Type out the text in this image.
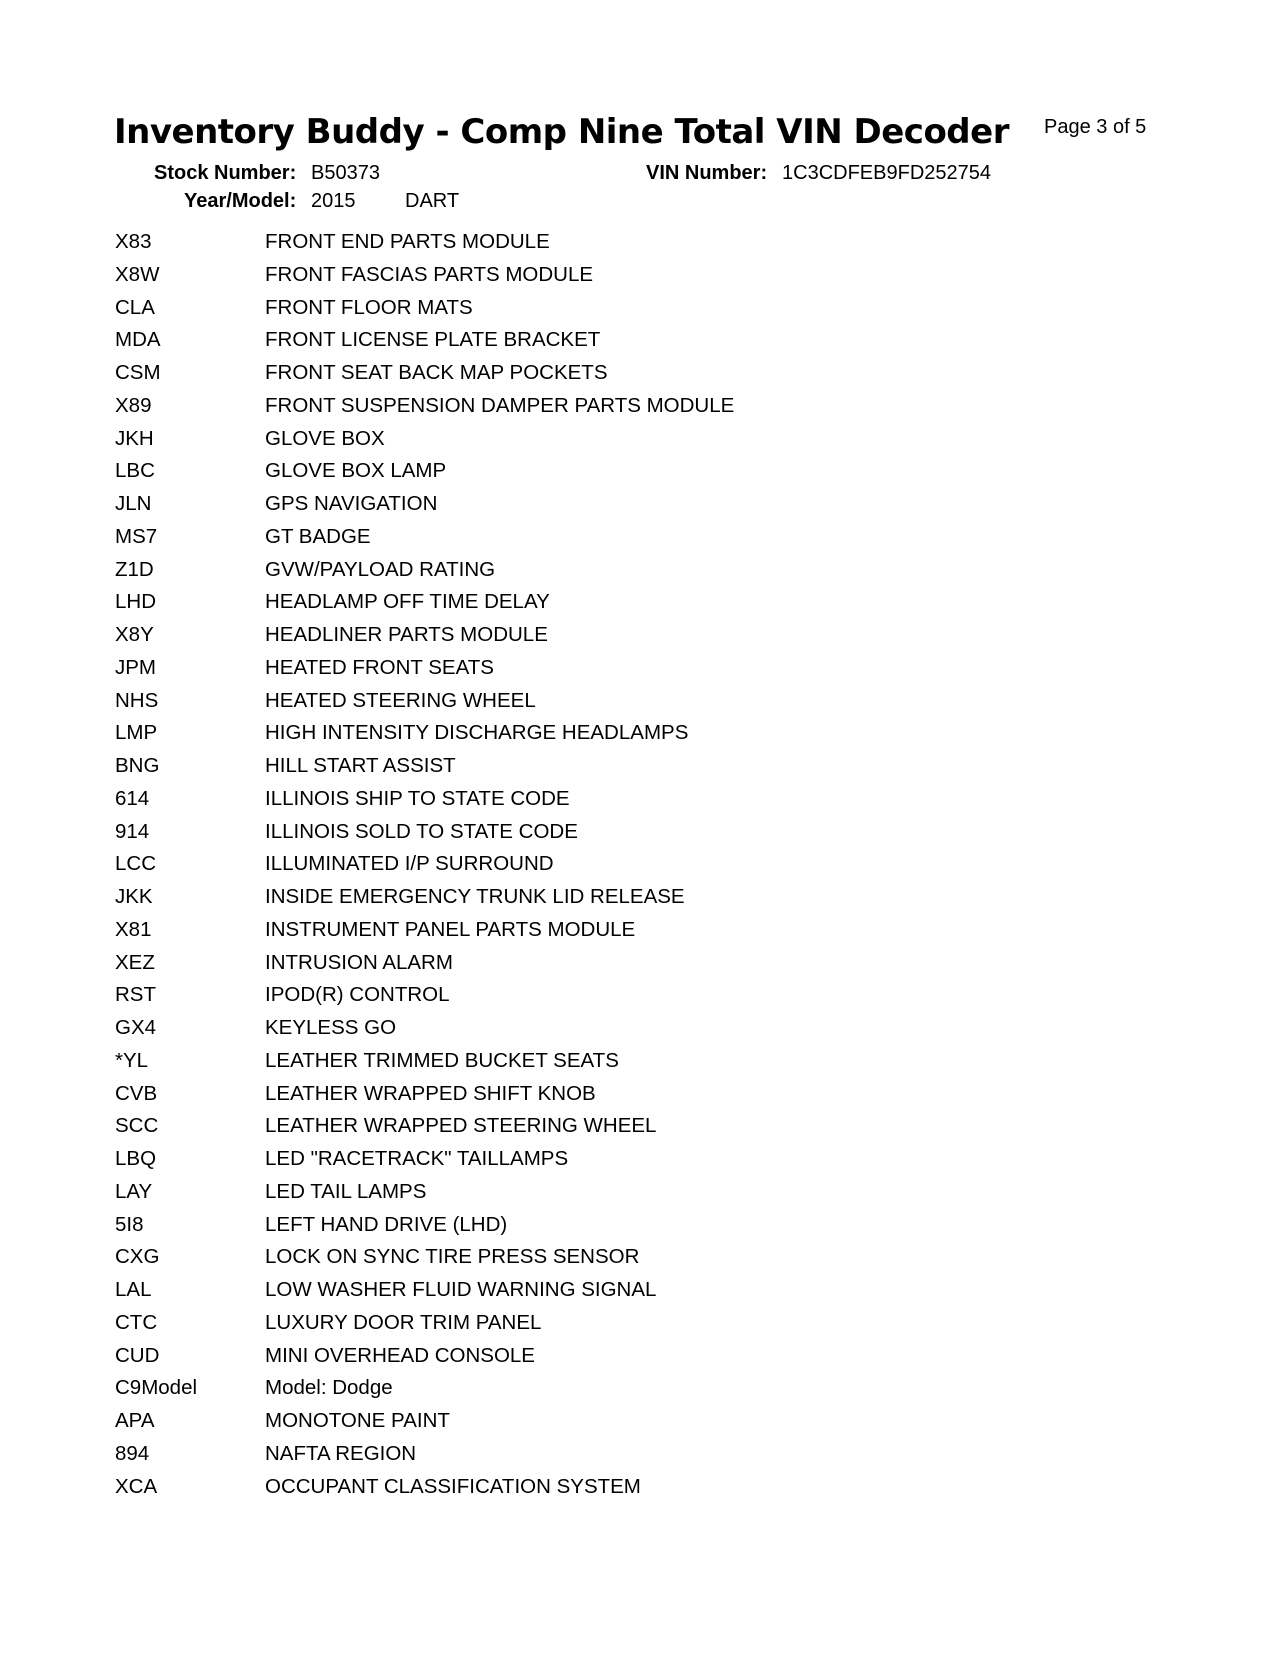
Inventory Buddy - Comp Nine Total VIN Decoder Page 3 of 5
Stock Number: B50373
Year/Model: 2015 DART
VIN Number: 1C3CDFEB9FD252754
X83	FRONT END PARTS MODULE
X8W	FRONT FASCIAS PARTS MODULE
CLA	FRONT FLOOR MATS
MDA	FRONT LICENSE PLATE BRACKET
CSM	FRONT SEAT BACK MAP POCKETS
X89	FRONT SUSPENSION DAMPER PARTS MODULE
JKH	GLOVE BOX
LBC	GLOVE BOX LAMP
JLN	GPS NAVIGATION
MS7	GT BADGE
Z1D	GVW/PAYLOAD RATING
LHD	HEADLAMP OFF TIME DELAY
X8Y	HEADLINER PARTS MODULE
JPM	HEATED FRONT SEATS
NHS	HEATED STEERING WHEEL
LMP	HIGH INTENSITY DISCHARGE HEADLAMPS
BNG	HILL START ASSIST
614	ILLINOIS SHIP TO STATE CODE
914	ILLINOIS SOLD TO STATE CODE
LCC	ILLUMINATED I/P SURROUND
JKK	INSIDE EMERGENCY TRUNK LID RELEASE
X81	INSTRUMENT PANEL PARTS MODULE
XEZ	INTRUSION ALARM
RST	IPOD(R) CONTROL
GX4	KEYLESS GO
*YL	LEATHER TRIMMED BUCKET SEATS
CVB	LEATHER WRAPPED SHIFT KNOB
SCC	LEATHER WRAPPED STEERING WHEEL
LBQ	LED "RACETRACK" TAILLAMPS
LAY	LED TAIL LAMPS
5I8	LEFT HAND DRIVE (LHD)
CXG	LOCK ON SYNC TIRE PRESS SENSOR
LAL	LOW WASHER FLUID WARNING SIGNAL
CTC	LUXURY DOOR TRIM PANEL
CUD	MINI OVERHEAD CONSOLE
C9Model	Model: Dodge
APA	MONOTONE PAINT
894	NAFTA REGION
XCA	OCCUPANT CLASSIFICATION SYSTEM
